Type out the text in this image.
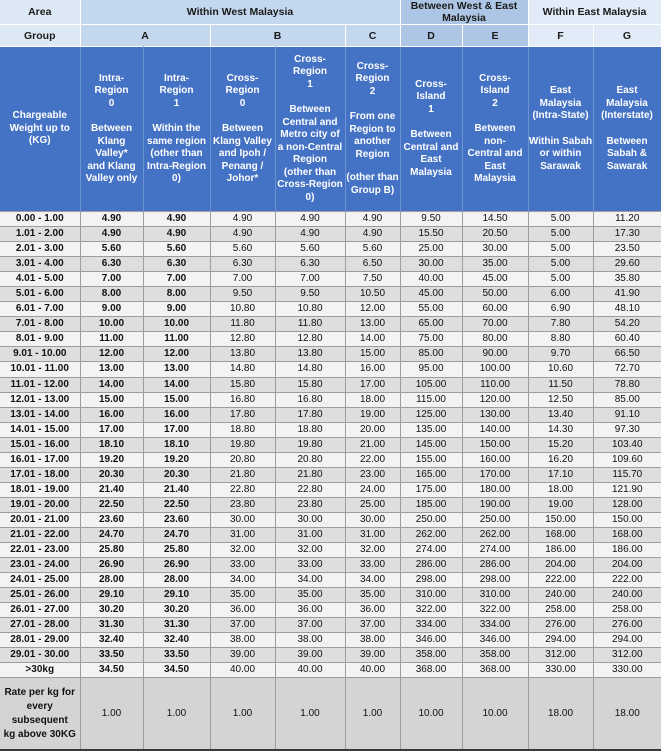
Area	Within West Malaysia					Between West & East Malaysia		Within East Malaysia	
Group	A		B		C	D	E	F	G

Chargeable
Weight up to
(KG)

Intra-
Region
0
Between
Klang Valley*
and Klang
Valley only

Intra-
Region
1
Within the
same region
(other than
Intra-Region
0)

Cross-
Region
0
Between
Klang Valley
and Ipoh /
Penang /
Johor*

Cross-
Region
1
Between
Central and
Metro city of
a non-Central
Region
(other than
Cross-Region
0)

Cross-
Region
2
From one
Region to
another
Region

(other than
Group B)

Cross-
Island
1
Between
Central and
East Malaysia

Cross-
Island
2
Between non-
Central and
East Malaysia

East
Malaysia
(Intra-State)
Within Sabah
or within
Sarawak

East
Malaysia
(Interstate)
Between
Sabah &
Sawarak

0.00 - 1.00	4.90	4.90	4.90	4.90	4.90	9.50	14.50	5.00	11.20
1.01 - 2.00	4.90	4.90	4.90	4.90	4.90	15.50	20.50	5.00	17.30
2.01 - 3.00	5.60	5.60	5.60	5.60	5.60	25.00	30.00	5.00	23.50
3.01 - 4.00	6.30	6.30	6.30	6.30	6.50	30.00	35.00	5.00	29.60
4.01 - 5.00	7.00	7.00	7.00	7.00	7.50	40.00	45.00	5.00	35.80
5.01 - 6.00	8.00	8.00	9.50	9.50	10.50	45.00	50.00	6.00	41.90
6.01 - 7.00	9.00	9.00	10.80	10.80	12.00	55.00	60.00	6.90	48.10
7.01 - 8.00	10.00	10.00	11.80	11.80	13.00	65.00	70.00	7.80	54.20
8.01 - 9.00	11.00	11.00	12.80	12.80	14.00	75.00	80.00	8.80	60.40
9.01 - 10.00	12.00	12.00	13.80	13.80	15.00	85.00	90.00	9.70	66.50
10.01 - 11.00	13.00	13.00	14.80	14.80	16.00	95.00	100.00	10.60	72.70
11.01 - 12.00	14.00	14.00	15.80	15.80	17.00	105.00	110.00	11.50	78.80
12.01 - 13.00	15.00	15.00	16.80	16.80	18.00	115.00	120.00	12.50	85.00
13.01 - 14.00	16.00	16.00	17.80	17.80	19.00	125.00	130.00	13.40	91.10
14.01 - 15.00	17.00	17.00	18.80	18.80	20.00	135.00	140.00	14.30	97.30
15.01 - 16.00	18.10	18.10	19.80	19.80	21.00	145.00	150.00	15.20	103.40
16.01 - 17.00	19.20	19.20	20.80	20.80	22.00	155.00	160.00	16.20	109.60
17.01 - 18.00	20.30	20.30	21.80	21.80	23.00	165.00	170.00	17.10	115.70
18.01 - 19.00	21.40	21.40	22.80	22.80	24.00	175.00	180.00	18.00	121.90
19.01 - 20.00	22.50	22.50	23.80	23.80	25.00	185.00	190.00	19.00	128.00
20.01 - 21.00	23.60	23.60	30.00	30.00	30.00	250.00	250.00	150.00	150.00
21.01 - 22.00	24.70	24.70	31.00	31.00	31.00	262.00	262.00	168.00	168.00
22.01 - 23.00	25.80	25.80	32.00	32.00	32.00	274.00	274.00	186.00	186.00
23.01 - 24.00	26.90	26.90	33.00	33.00	33.00	286.00	286.00	204.00	204.00
24.01 - 25.00	28.00	28.00	34.00	34.00	34.00	298.00	298.00	222.00	222.00
25.01 - 26.00	29.10	29.10	35.00	35.00	35.00	310.00	310.00	240.00	240.00
26.01 - 27.00	30.20	30.20	36.00	36.00	36.00	322.00	322.00	258.00	258.00
27.01 - 28.00	31.30	31.30	37.00	37.00	37.00	334.00	334.00	276.00	276.00
28.01 - 29.00	32.40	32.40	38.00	38.00	38.00	346.00	346.00	294.00	294.00
29.01 - 30.00	33.50	33.50	39.00	39.00	39.00	358.00	358.00	312.00	312.00
>30kg	34.50	34.50	40.00	40.00	40.00	368.00	368.00	330.00	330.00

Rate per kg for
every subsequent
kg above 30KG	1.00	1.00	1.00	1.00	1.00	10.00	10.00	18.00	18.00
